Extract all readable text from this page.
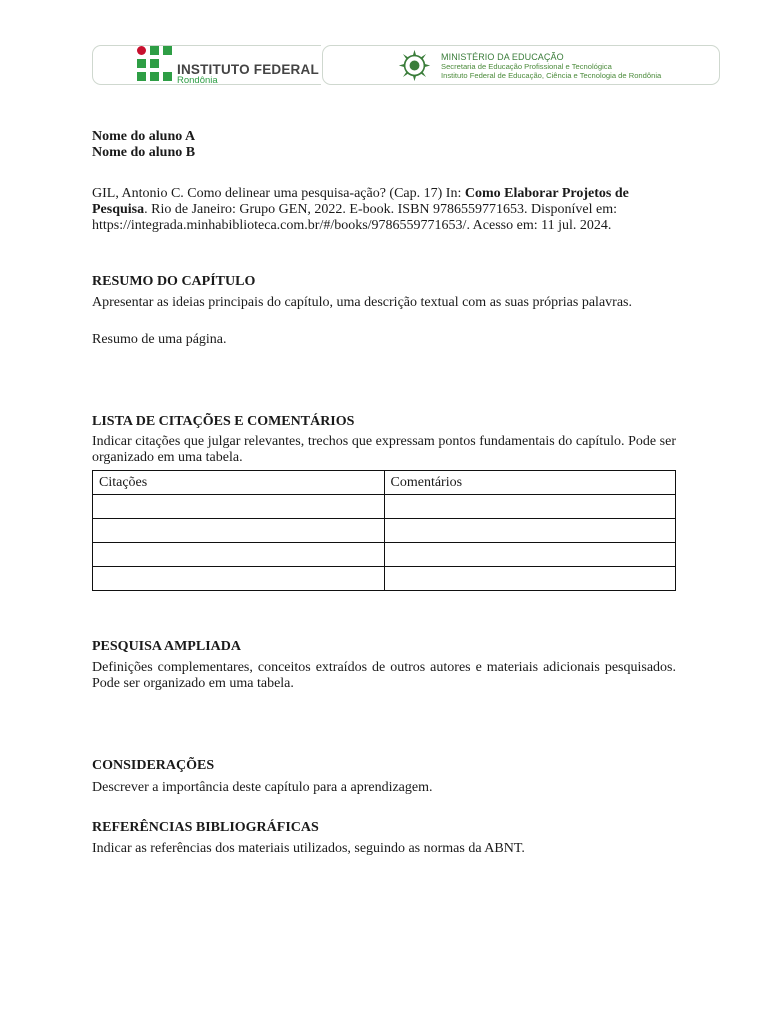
INSTITUTO FEDERAL
Rondônia
MINISTÉRIO DA EDUCAÇÃO
Secretaria de Educação Profissional e Tecnológica
Instituto Federal de Educação, Ciência e Tecnologia de Rondônia
Nome do aluno A
Nome do aluno B
GIL, Antonio C. Como delinear uma pesquisa-ação? (Cap. 17) In: Como Elaborar Projetos de Pesquisa. Rio de Janeiro: Grupo GEN, 2022. E-book. ISBN 9786559771653. Disponível em: https://integrada.minhabiblioteca.com.br/#/books/9786559771653/. Acesso em: 11 jul. 2024.
RESUMO DO CAPÍTULO
Apresentar as ideias principais do capítulo, uma descrição textual com as suas próprias palavras.
Resumo de uma página.
LISTA DE CITAÇÕES E COMENTÁRIOS
Indicar citações que julgar relevantes, trechos que expressam pontos fundamentais do capítulo. Pode ser organizado em uma tabela.
Citações	Comentários

PESQUISA AMPLIADA
Definições complementares, conceitos extraídos de outros autores e materiais adicionais pesquisados. Pode ser organizado em uma tabela.
CONSIDERAÇÕES
Descrever a importância deste capítulo para a aprendizagem.
REFERÊNCIAS BIBLIOGRÁFICAS
Indicar as referências dos materiais utilizados, seguindo as normas da ABNT.
